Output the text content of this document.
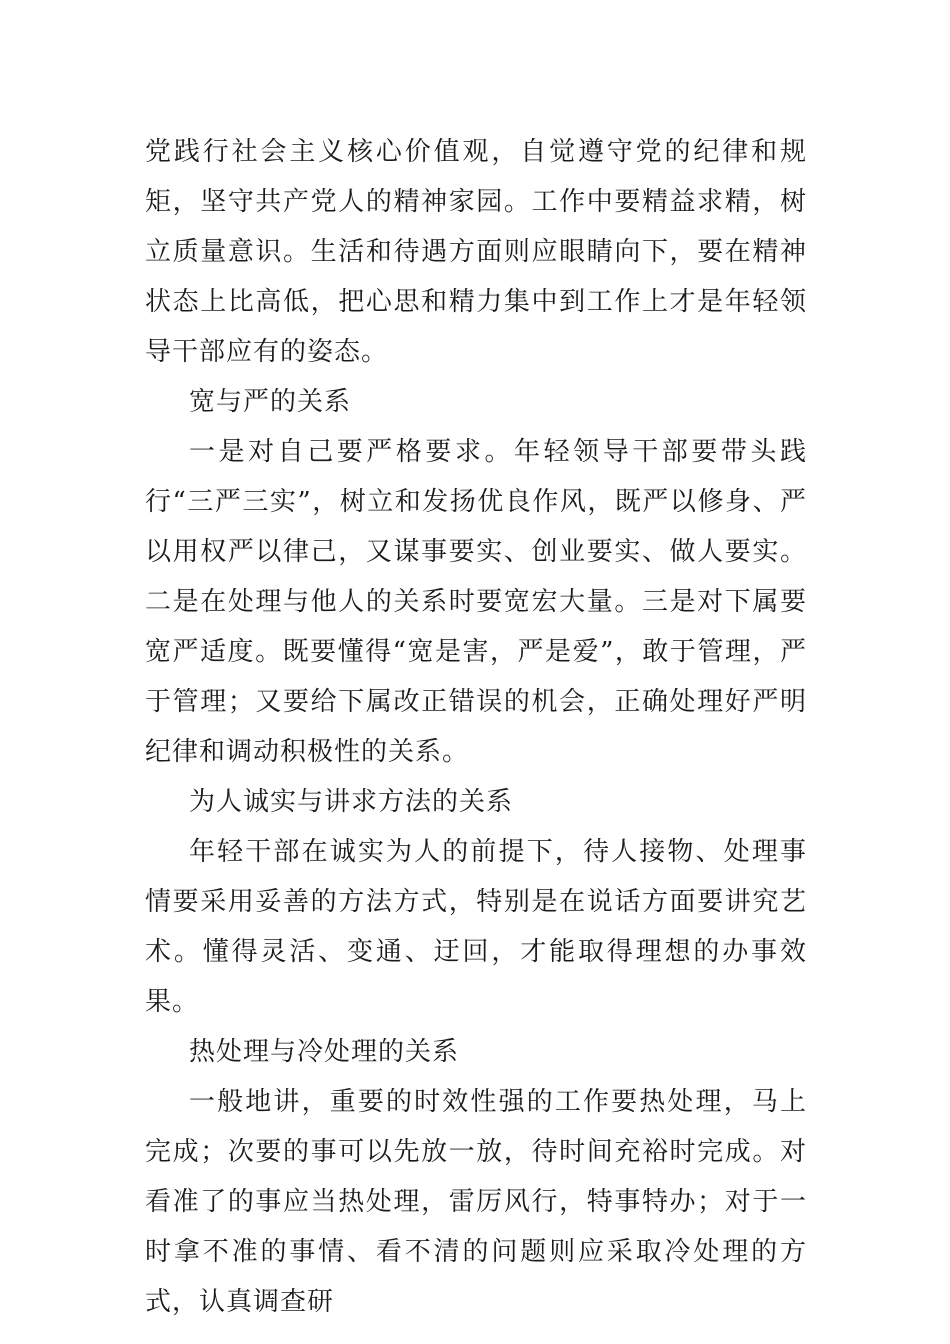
党践行社会主义核心价值观，自觉遵守党的纪律和规矩，坚守共产党人的精神家园。工作中要精益求精，树立质量意识。生活和待遇方面则应眼睛向下，要在精神状态上比高低，把心思和精力集中到工作上才是年轻领导干部应有的姿态。

宽与严的关系

一是对自己要严格要求。年轻领导干部要带头践行“三严三实”，树立和发扬优良作风，既严以修身、严以用权严以律己，又谋事要实、创业要实、做人要实。二是在处理与他人的关系时要宽宏大量。三是对下属要宽严适度。既要懂得“宽是害，严是爱”，敢于管理，严于管理；又要给下属改正错误的机会，正确处理好严明纪律和调动积极性的关系。

为人诚实与讲求方法的关系

年轻干部在诚实为人的前提下，待人接物、处理事情要采用妥善的方法方式，特别是在说话方面要讲究艺术。懂得灵活、变通、迂回，才能取得理想的办事效果。

热处理与冷处理的关系

一般地讲，重要的时效性强的工作要热处理，马上完成；次要的事可以先放一放，待时间充裕时完成。对看准了的事应当热处理，雷厉风行，特事特办；对于一时拿不准的事情、看不清的问题则应采取冷处理的方式，认真调查研
